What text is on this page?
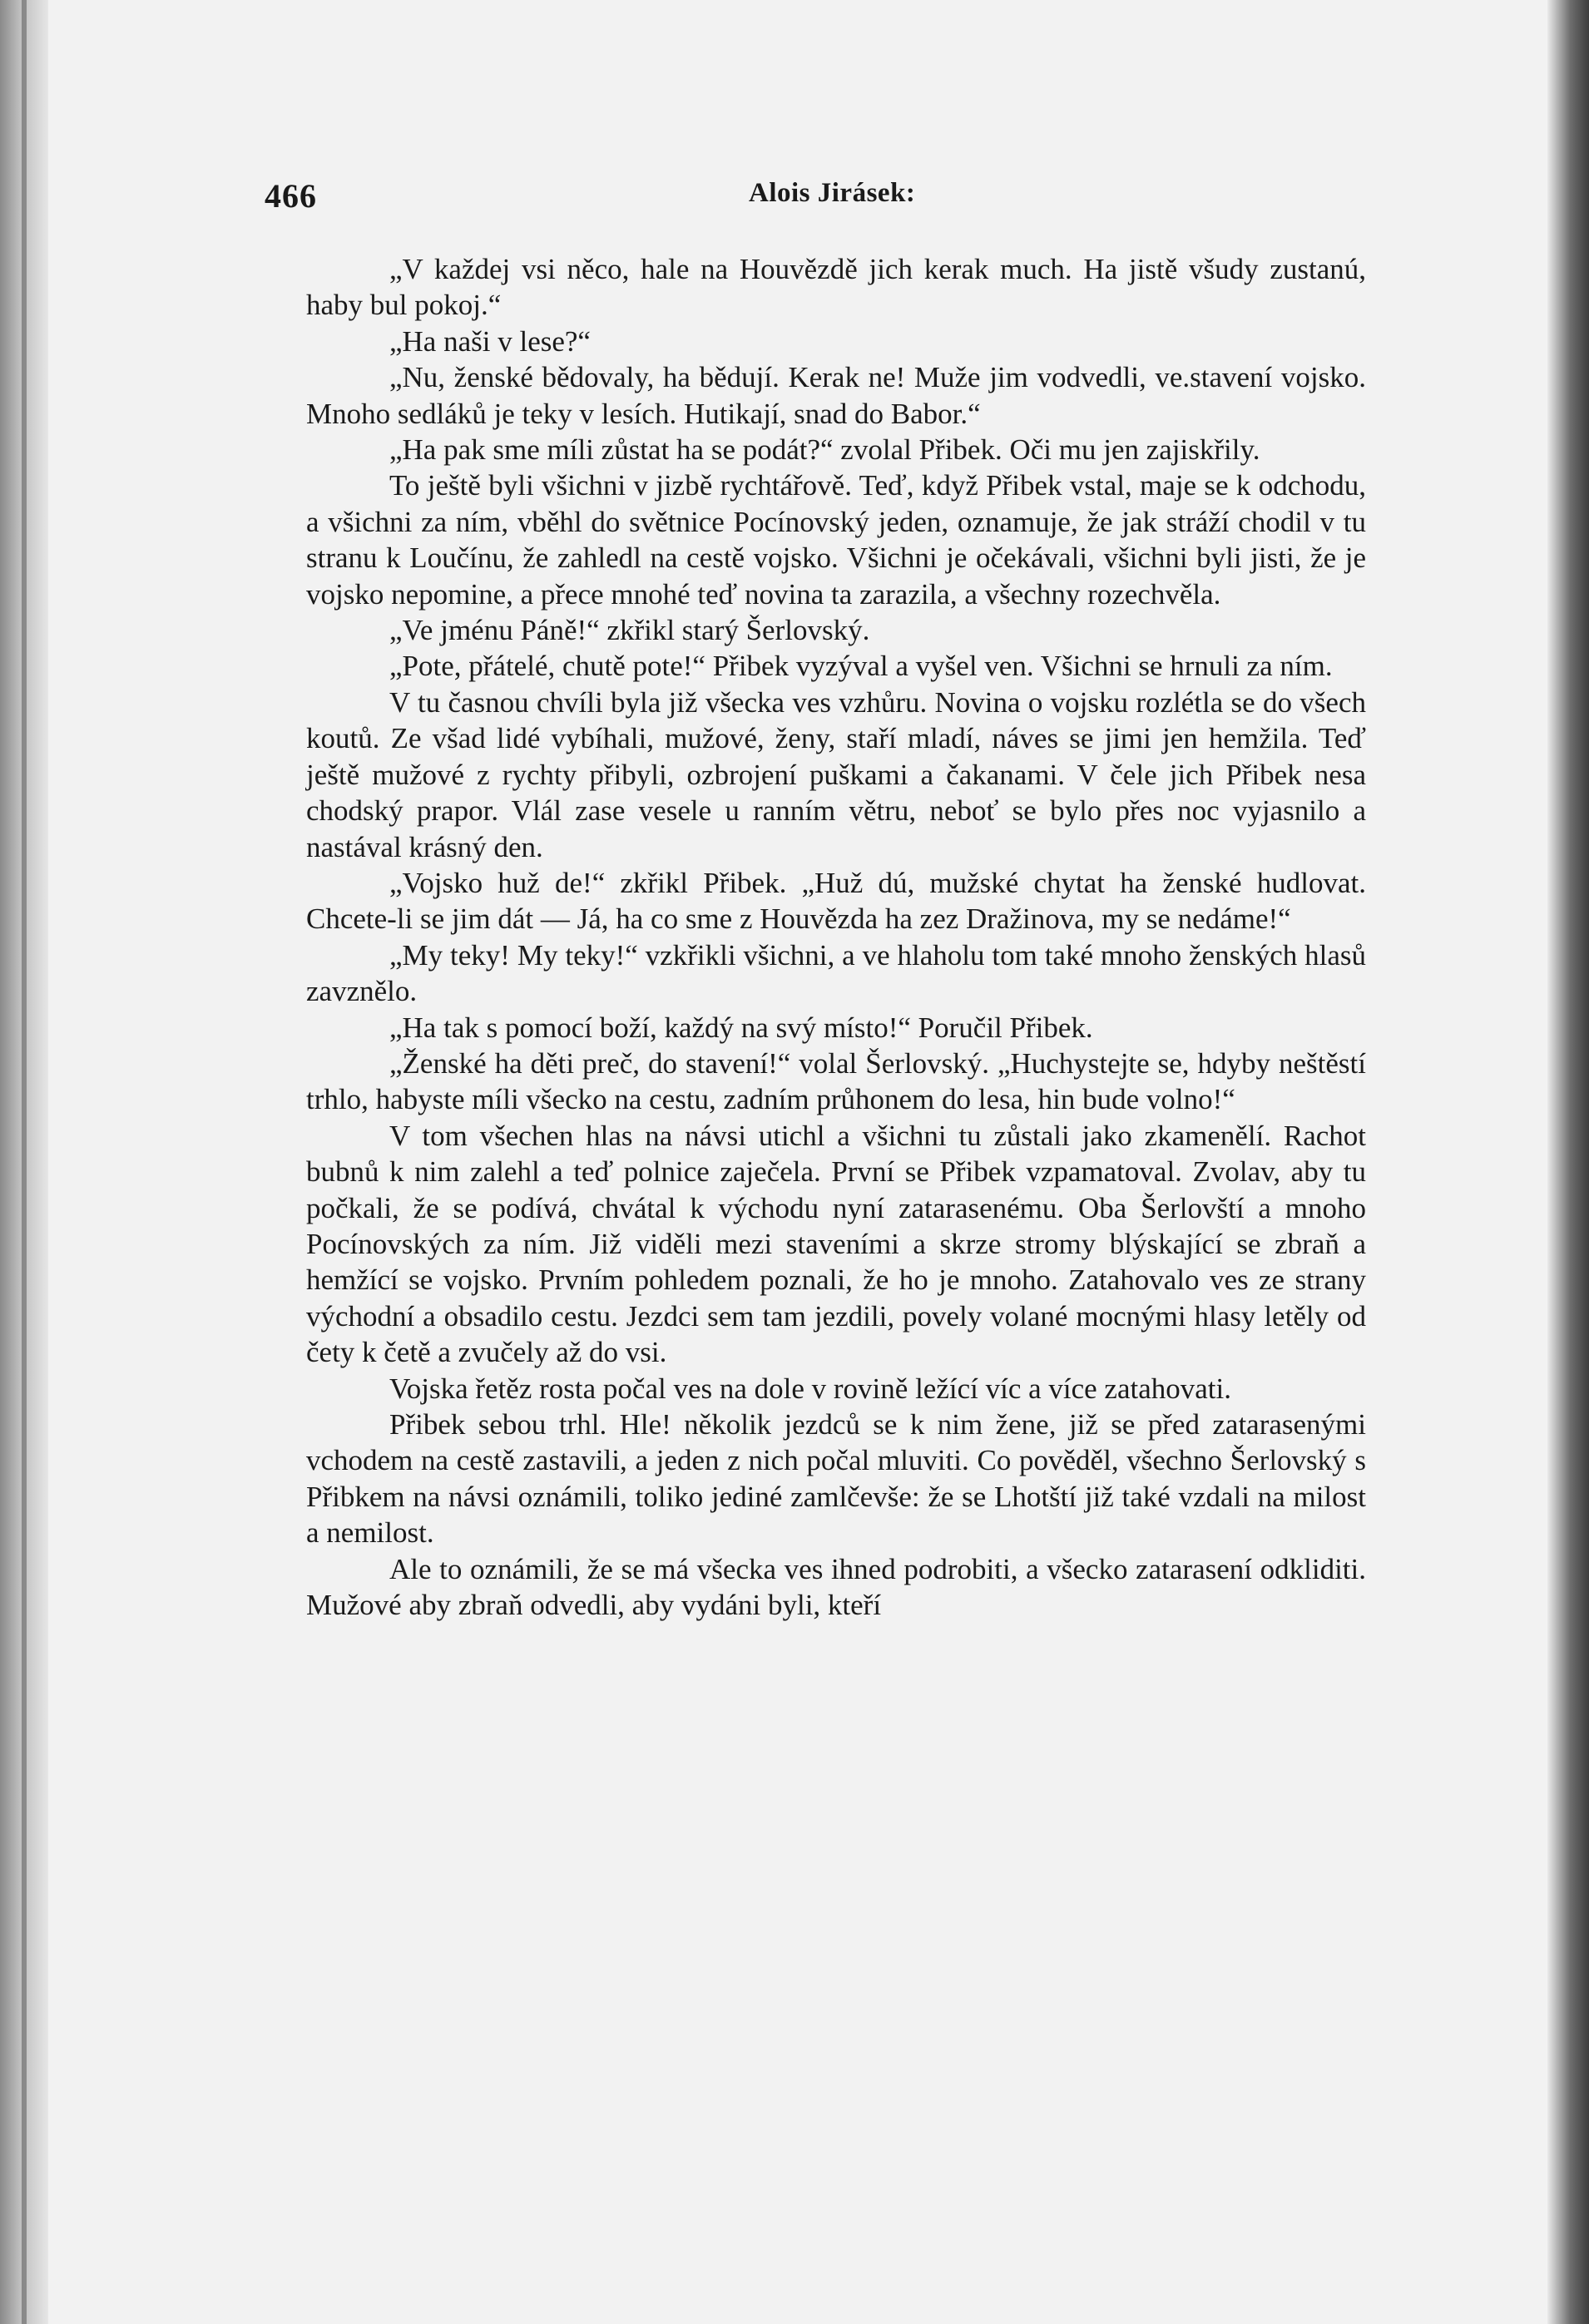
466	Alois Jirásek:

„V každej vsi něco, hale na Houvězdě jich kerak much. Ha jistě všudy zustanú, haby bul pokoj.“

„Ha naši v lese?“

„Nu, ženské bědovaly, ha bědují. Kerak ne! Muže jim vodvedli, ve.stavení vojsko. Mnoho sedláků je teky v lesích. Hutikají, snad do Babor.“

„Ha pak sme míli zůstat ha se podát?“ zvolal Přibek. Oči mu jen zajiskřily.

To ještě byli všichni v jizbě rychtářově. Teď, když Přibek vstal, maje se k odchodu, a všichni za ním, vběhl do světnice Pocínovský jeden, oznamuje, že jak stráží chodil v tu stranu k Loučínu, že zahledl na cestě vojsko. Všichni je očekávali, všichni byli jisti, že je vojsko nepomine, a přece mnohé teď novina ta zarazila, a všechny rozechvěla.

„Ve jménu Páně!“ zkřikl starý Šerlovský.

„Pote, přátelé, chutě pote!“ Přibek vyzýval a vyšel ven. Všichni se hrnuli za ním.

V tu časnou chvíli byla již všecka ves vzhůru. Novina o vojsku rozlétla se do všech koutů. Ze všad lidé vybíhali, mužové, ženy, staří mladí, náves se jimi jen hemžila. Teď ještě mužové z rychty přibyli, ozbrojení puškami a čakanami. V čele jich Přibek nesa chodský prapor. Vlál zase vesele u ranním větru, neboť se bylo přes noc vyjasnilo a nastával krásný den.

„Vojsko huž de!“ zkřikl Přibek. „Huž dú, mužské chytat ha ženské hudlovat. Chcete-li se jim dát — Já, ha co sme z Houvězda ha zez Dražinova, my se nedáme!“

„My teky! My teky!“ vzkřikli všichni, a ve hlaholu tom také mnoho ženských hlasů zavznělo.

„Ha tak s pomocí boží, každý na svý místo!“ Poručil Přibek.

„Ženské ha děti preč, do stavení!“ volal Šerlovský. „Huchystejte se, hdyby neštěstí trhlo, habyste míli všecko na cestu, zadním průhonem do lesa, hin bude volno!“

V tom všechen hlas na návsi utichl a všichni tu zůstali jako zkamenělí. Rachot bubnů k nim zalehl a teď polnice zaječela. První se Přibek vzpamatoval. Zvolav, aby tu počkali, že se podívá, chvátal k východu nyní zatarasenému. Oba Šerlovští a mnoho Pocínovských za ním. Již viděli mezi staveními a skrze stromy blýskající se zbraň a hemžící se vojsko. Prvním pohledem poznali, že ho je mnoho. Zatahovalo ves ze strany východní a obsadilo cestu. Jezdci sem tam jezdili, povely volané mocnými hlasy letěly od čety k četě a zvučely až do vsi.

Vojska řetěz rosta počal ves na dole v rovině ležící víc a více zatahovati.

Přibek sebou trhl. Hle! několik jezdců se k nim žene, již se před zatarasenými vchodem na cestě zastavili, a jeden z nich počal mluviti. Co pověděl, všechno Šerlovský s Přibkem na návsi oznámili, toliko jediné zamlčevše: že se Lhotští již také vzdali na milost a nemilost.

Ale to oznámili, že se má všecka ves ihned podrobiti, a všecko zatarasení odkliditi. Mužové aby zbraň odvedli, aby vydáni byli, kteří
